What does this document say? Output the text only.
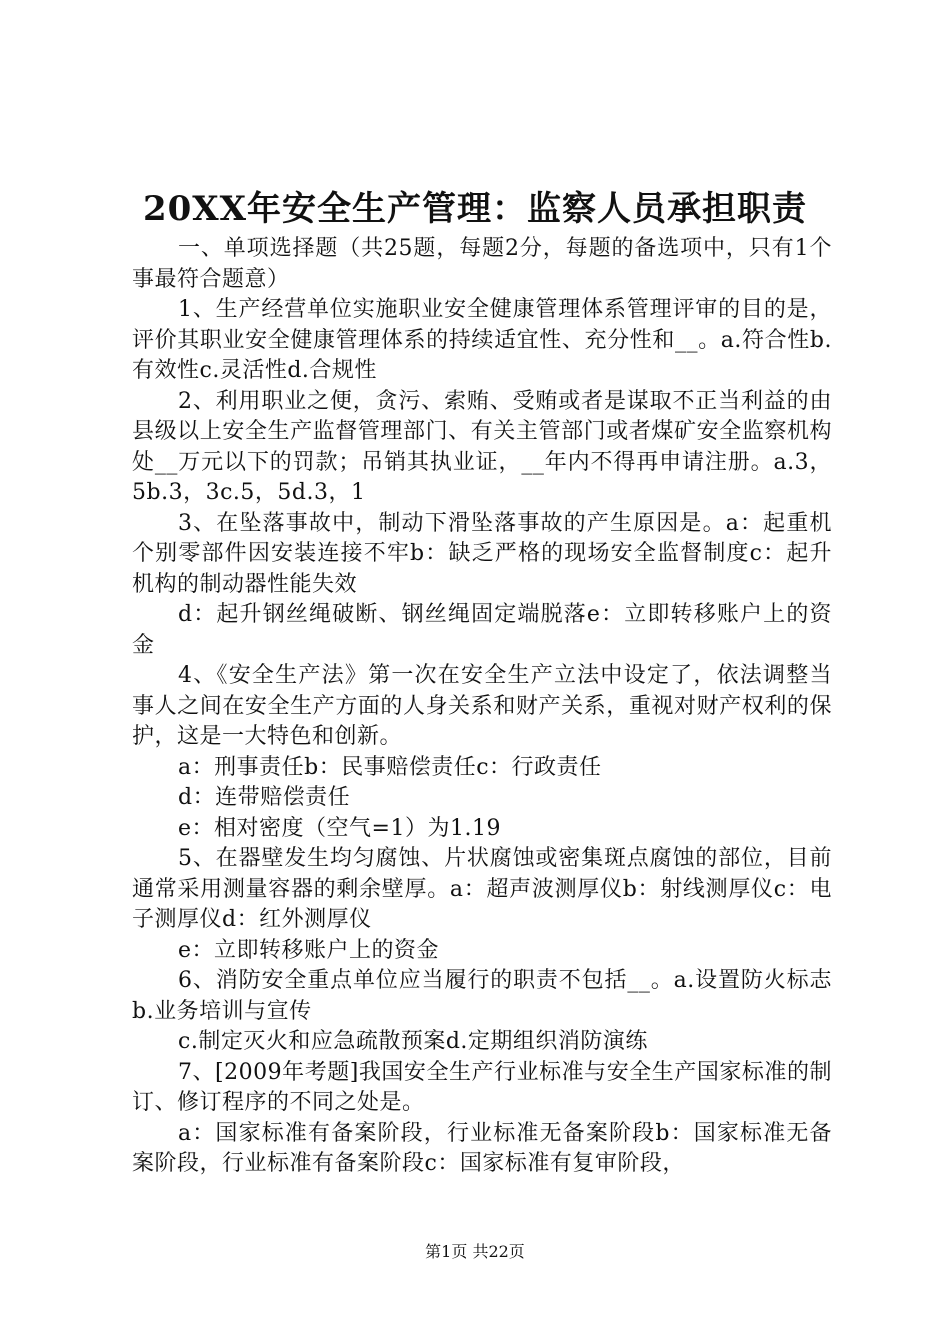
20XX年安全生产管理：监察人员承担职责

一、单项选择题（共25题，每题2分，每题的备选项中，只有1个事最符合题意）

1、生产经营单位实施职业安全健康管理体系管理评审的目的是，评价其职业安全健康管理体系的持续适宜性、充分性和__。a.符合性b.有效性c.灵活性d.合规性

2、利用职业之便，贪污、索贿、受贿或者是谋取不正当利益的由县级以上安全生产监督管理部门、有关主管部门或者煤矿安全监察机构处__万元以下的罚款；吊销其执业证，__年内不得再申请注册。a.3，5b.3，3c.5，5d.3，1

3、在坠落事故中，制动下滑坠落事故的产生原因是。a：起重机个别零部件因安装连接不牢b：缺乏严格的现场安全监督制度c：起升机构的制动器性能失效

d：起升钢丝绳破断、钢丝绳固定端脱落e：立即转移账户上的资金

4、《安全生产法》第一次在安全生产立法中设定了，依法调整当事人之间在安全生产方面的人身关系和财产关系，重视对财产权利的保护，这是一大特色和创新。

a：刑事责任b：民事赔偿责任c：行政责任

d：连带赔偿责任

e：相对密度（空气=1）为1.19

5、在器壁发生均匀腐蚀、片状腐蚀或密集斑点腐蚀的部位，目前通常采用测量容器的剩余壁厚。a：超声波测厚仪b：射线测厚仪c：电子测厚仪d：红外测厚仪

e：立即转移账户上的资金

6、消防安全重点单位应当履行的职责不包括__。a.设置防火标志b.业务培训与宣传

c.制定灭火和应急疏散预案d.定期组织消防演练

7、[2009年考题]我国安全生产行业标准与安全生产国家标准的制订、修订程序的不同之处是。

a：国家标准有备案阶段，行业标准无备案阶段b：国家标准无备案阶段，行业标准有备案阶段c：国家标准有复审阶段，

第1页 共22页
